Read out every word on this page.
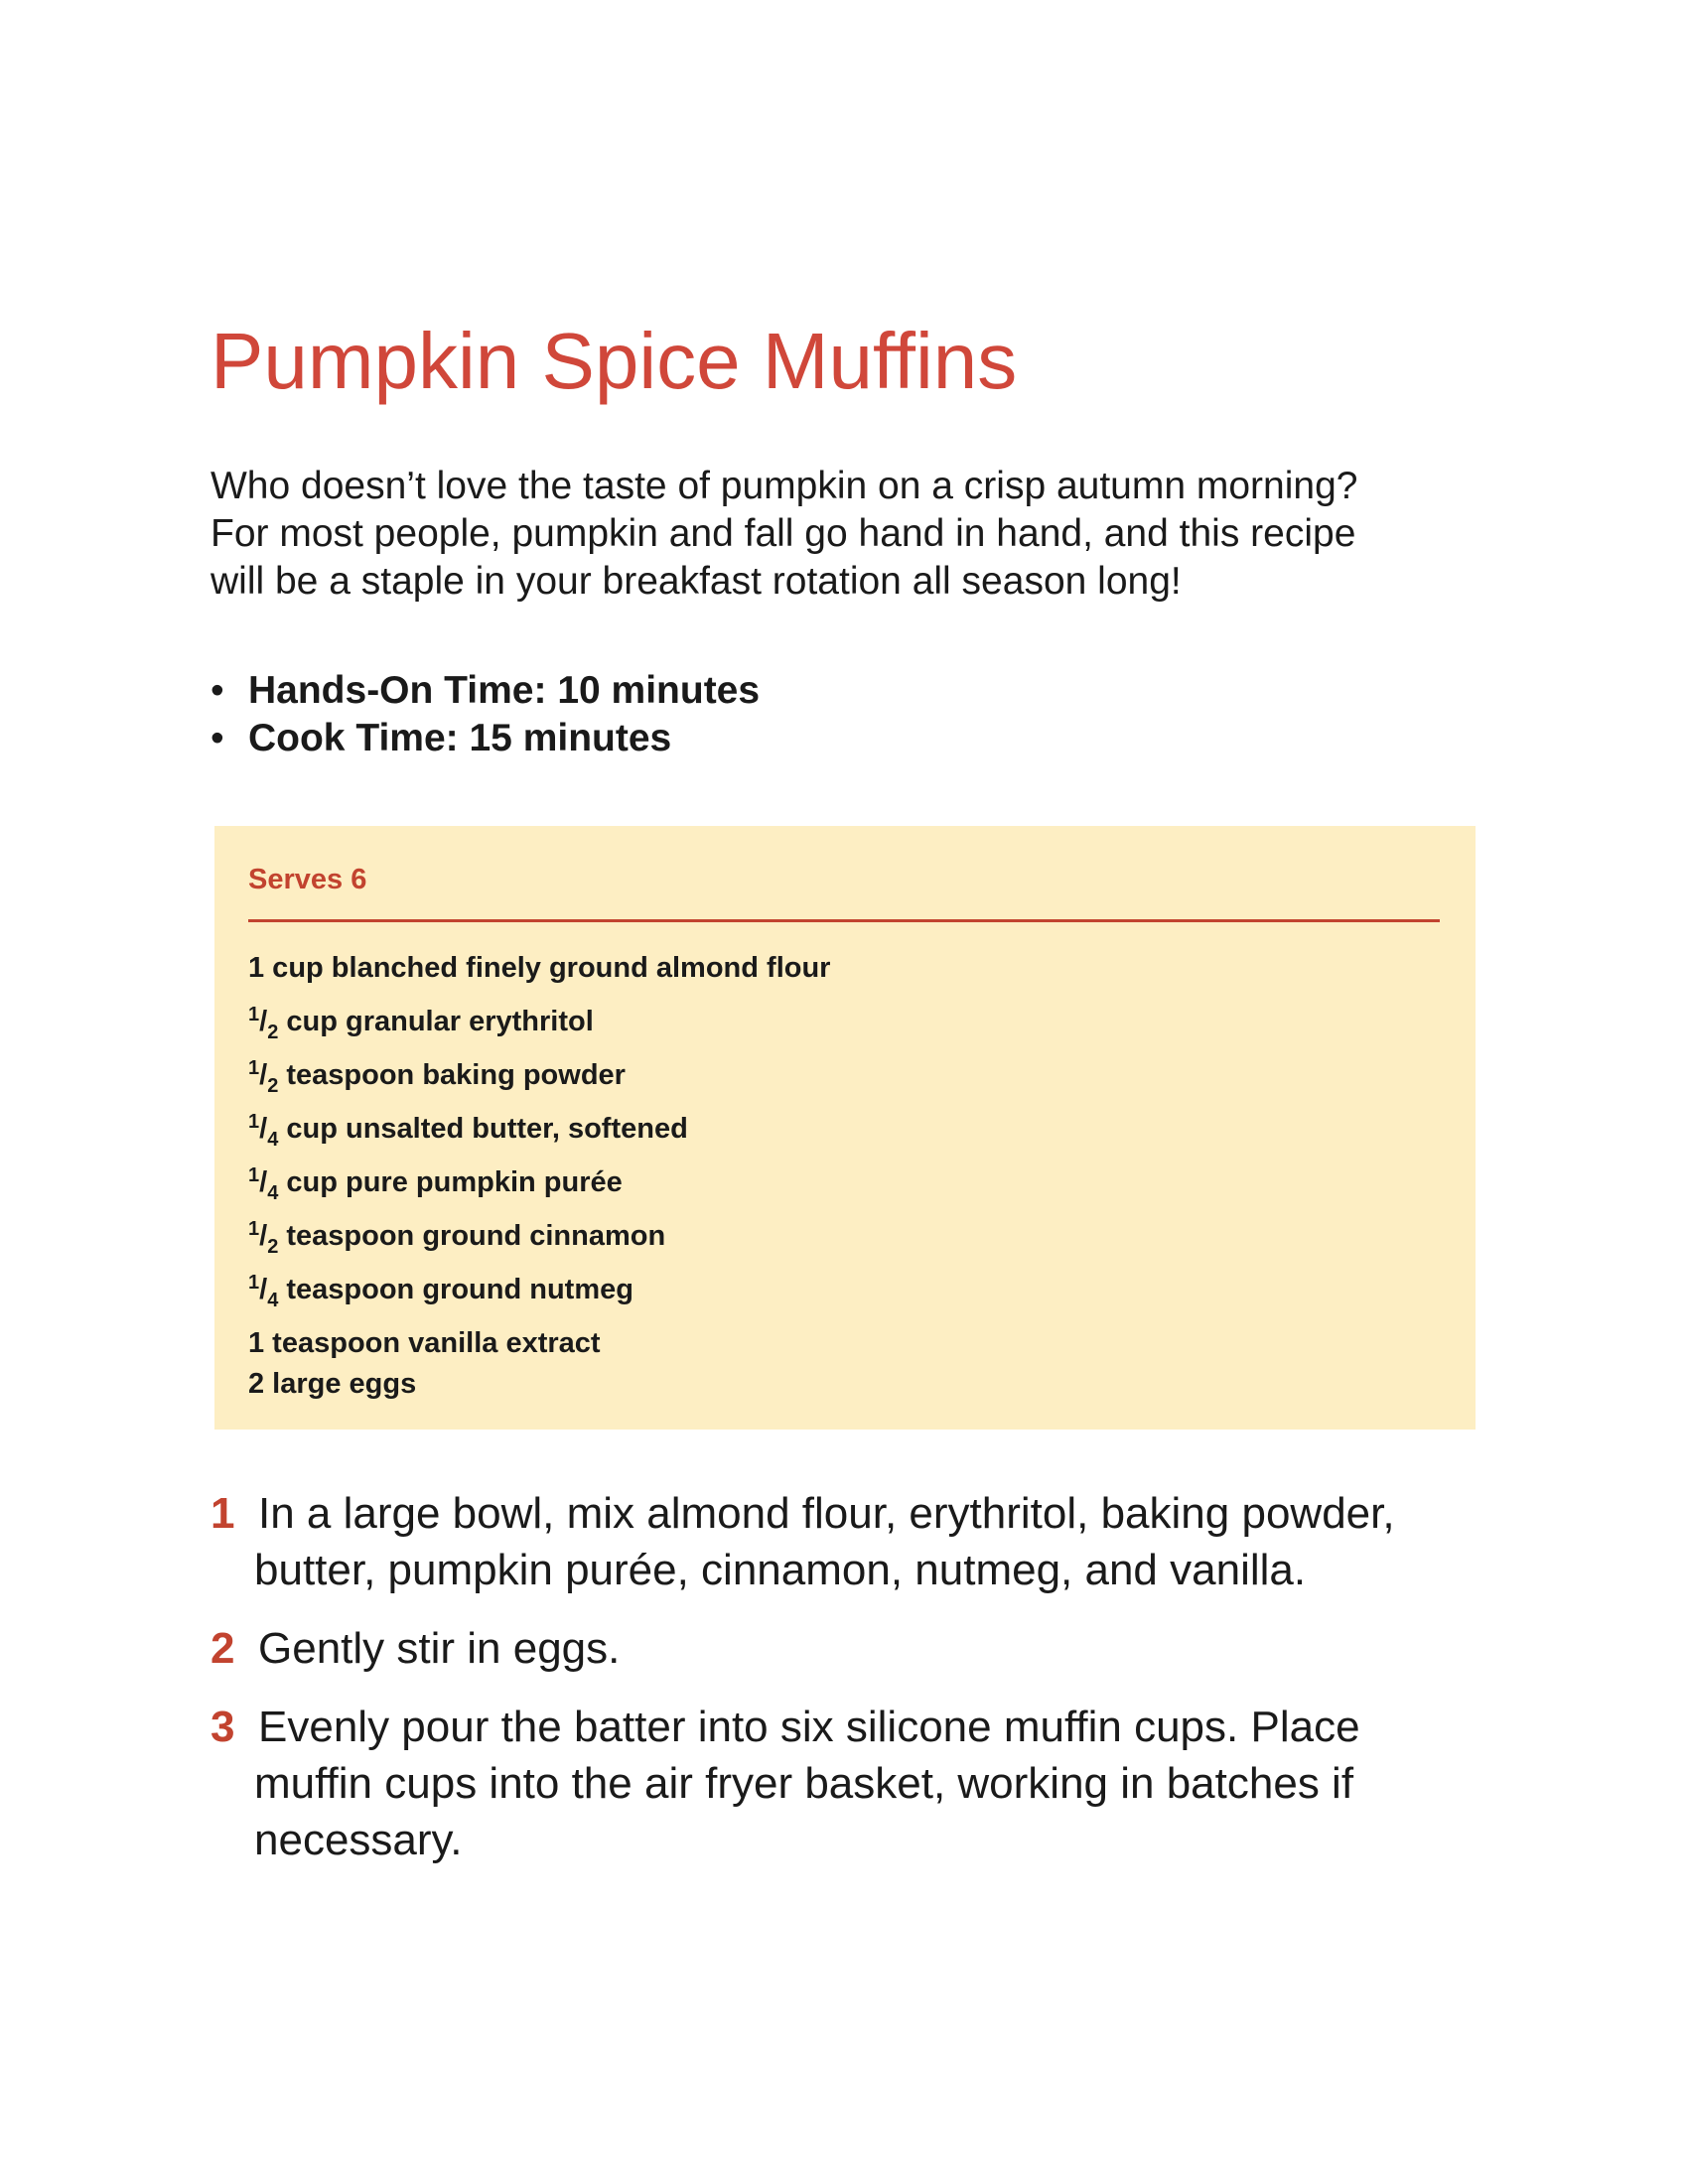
Pumpkin Spice Muffins

Who doesn’t love the taste of pumpkin on a crisp autumn morning?
For most people, pumpkin and fall go hand in hand, and this recipe
will be a staple in your breakfast rotation all season long!

• Hands-On Time: 10 minutes
• Cook Time: 15 minutes
Serves 6
1 cup blanched finely ground almond flour
$^1/_2$ cup granular erythritol
$^1/_2$ teaspoon baking powder
$^1/_4$ cup unsalted butter, softened
$^1/_4$ cup pure pumpkin purée
$^1/_2$ teaspoon ground cinnamon
$^1/_4$ teaspoon ground nutmeg
1 teaspoon vanilla extract
2 large eggs
1 In a large bowl, mix almond flour, erythritol, baking powder,
butter, pumpkin purée, cinnamon, nutmeg, and vanilla.
2 Gently stir in eggs.
3 Evenly pour the batter into six silicone muffin cups. Place
muffin cups into the air fryer basket, working in batches if
necessary.
